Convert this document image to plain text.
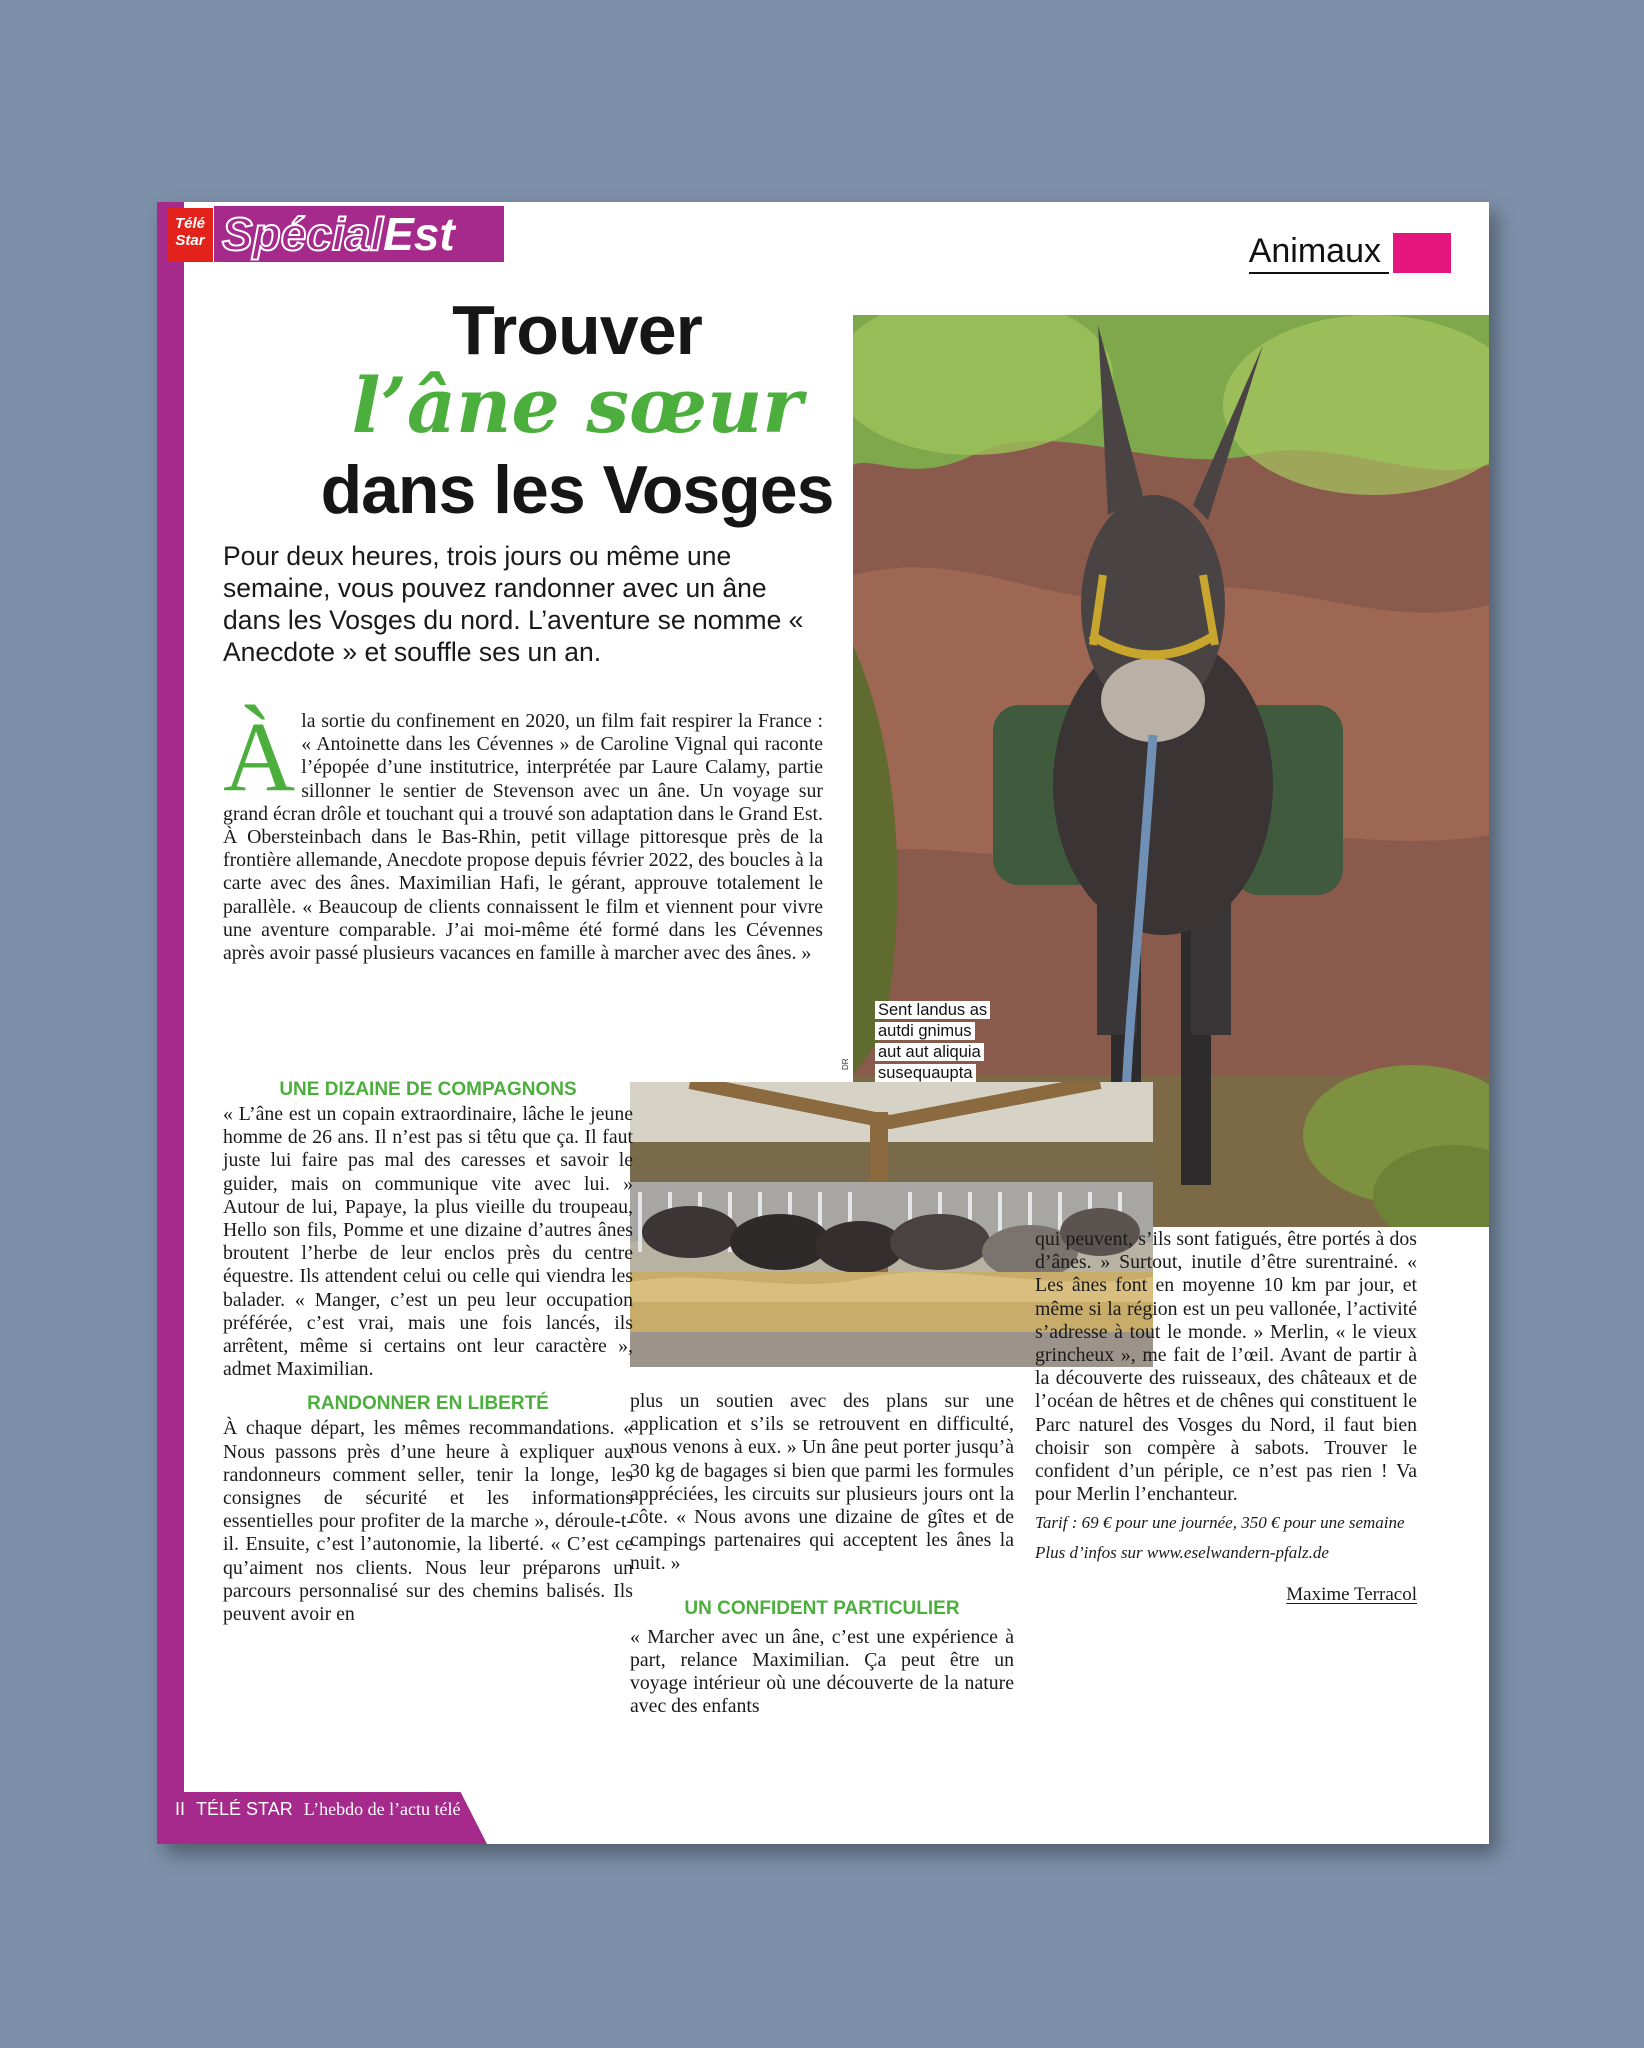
Télé Star SpécialEst	Animaux
Trouver
l’âne sœur
dans les Vosges
Pour deux heures, trois jours ou même une semaine, vous pouvez randonner avec un âne dans les Vosges du nord. L’aventure se nomme « Anecdote » et souffle ses un an.

À la sortie du confinement en 2020, un film fait respirer la France : « Antoinette dans les Cévennes » de Caroline Vignal qui raconte l’épopée d’une institutrice, interprétée par Laure Calamy, partie sillonner le sentier de Stevenson avec un âne. Un voyage sur grand écran drôle et touchant qui a trouvé son adaptation dans le Grand Est. À Obersteinbach dans le Bas-Rhin, petit village pittoresque près de la frontière allemande, Anecdote propose depuis février 2022, des boucles à la carte avec des ânes. Maximilian Hafi, le gérant, approuve totalement le parallèle. « Beaucoup de clients connaissent le film et viennent pour vivre une aventure comparable. J’ai moi-même été formé dans les Cévennes après avoir passé plusieurs vacances en famille à marcher avec des ânes. »

Sent landus as
autdi gnimus
aut aut aliquia
susequaupta
DR

UNE DIZAINE DE COMPAGNONS

« L’âne est un copain extraordinaire, lâche le jeune homme de 26 ans. Il n’est pas si têtu que ça. Il faut juste lui faire pas mal des caresses et savoir le guider, mais on communique vite avec lui. » Autour de lui, Papaye, la plus vieille du troupeau, Hello son fils, Pomme et une dizaine d’autres ânes broutent l’herbe de leur enclos près du centre équestre. Ils attendent celui ou celle qui viendra les balader. « Manger, c’est un peu leur occupation préférée, c’est vrai, mais une fois lancés, ils arrêtent, même si certains ont leur caractère », admet Maximilian.

RANDONNER EN LIBERTÉ

À chaque départ, les mêmes recommandations. « Nous passons près d’une heure à expliquer aux randonneurs comment seller, tenir la longe, les consignes de sécurité et les informations essentielles pour profiter de la marche », déroule-t-il. Ensuite, c’est l’autonomie, la liberté. « C’est ce qu’aiment nos clients. Nous leur préparons un parcours personnalisé sur des chemins balisés. Ils peuvent avoir en

plus un soutien avec des plans sur une application et s’ils se retrouvent en difficulté, nous venons à eux. » Un âne peut porter jusqu’à 30 kg de bagages si bien que parmi les formules appréciées, les circuits sur plusieurs jours ont la côte. « Nous avons une dizaine de gîtes et de campings partenaires qui acceptent les ânes la nuit. »

UN CONFIDENT PARTICULIER

« Marcher avec un âne, c’est une expérience à part, relance Maximilian. Ça peut être un voyage intérieur où une découverte de la nature avec des enfants

qui peuvent, s’ils sont fatigués, être portés à dos d’ânes. » Surtout, inutile d’être surentrainé. « Les ânes font en moyenne 10 km par jour, et même si la région est un peu vallonée, l’activité s’adresse à tout le monde. » Merlin, « le vieux grincheux », me fait de l’œil. Avant de partir à la découverte des ruisseaux, des châteaux et de l’océan de hêtres et de chênes qui constituent le Parc naturel des Vosges du Nord, il faut bien choisir son compère à sabots. Trouver le confident d’un périple, ce n’est pas rien ! Va pour Merlin l’enchanteur.

Tarif : 69 € pour une journée, 350 € pour une semaine

Plus d’infos sur www.eselwandern-pfalz.de

Maxime Terracol
II TÉLÉ STAR L’hebdo de l’actu télé
